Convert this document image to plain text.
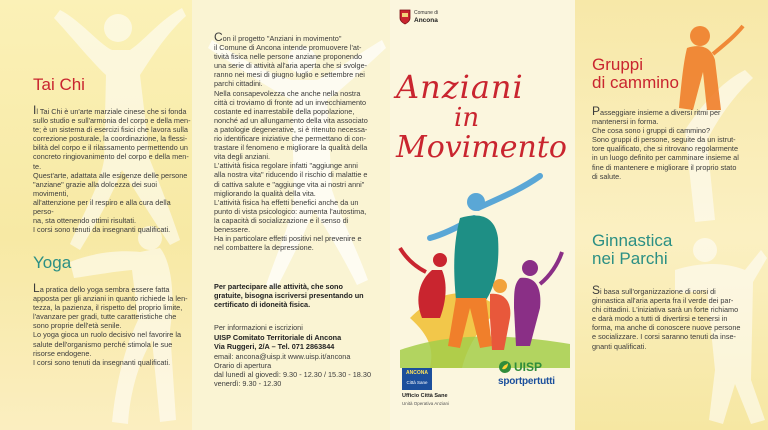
Tai Chi

Il Tai Chi è un'arte marziale cinese che si fonda
sullo studio e sull'armonia del corpo e della men-
te; è un sistema di esercizi fisici che lavora sulla
correzione posturale, la coordinazione, la flessi-
bilità del corpo e il rilassamento permettendo un
concreto ringiovanimento del corpo e della men-
te.
Quest'arte, adattata alle esigenze delle persone
"anziane" grazie alla dolcezza dei suoi movimenti,
all'attenzione per il respiro e alla cura della perso-
na, sta ottenendo ottimi risultati.
I corsi sono tenuti da insegnanti qualificati.

Yoga

La pratica dello yoga sembra essere fatta
apposta per gli anziani in quanto richiede la len-
tezza, la pazienza, il rispetto del proprio limite,
l'avanzare per gradi, tutte caratteristiche che
sono proprie dell'età senile.
Lo yoga gioca un ruolo decisivo nel favorire la
salute dell'organismo perché stimola le sue
risorse endogene.
I corsi sono tenuti da insegnanti qualificati.

Con il progetto "Anziani in movimento"
il Comune di Ancona intende promuovere l'at-
tività fisica nelle persone anziane proponendo
una serie di attività all'aria aperta che si svolge-
ranno nei mesi di giugno luglio e settembre nei
parchi cittadini.
Nella consapevolezza che anche nella nostra
città ci troviamo di fronte ad un invecchiamento
costante ed inarrestabile della popolazione,
nonché ad un allungamento della vita associato
a patologie degenerative, si è ritenuto necessa-
rio identificare iniziative che permettano di con-
trastare il fenomeno e migliorare la qualità della
vita degli anziani.
L'attività fisica regolare infatti "aggiunge anni
alla nostra vita" riducendo il rischio di malattie e
di cattiva salute e "aggiunge vita ai nostri anni"
migliorando la qualità della vita.
L'attività fisica ha effetti benefici anche da un
punto di vista psicologico: aumenta l'autostima,
la capacità di socializzazione e il senso di
benessere.
Ha in particolare effetti positivi nel prevenire e
nel combattere la depressione.

Per partecipare alle attività, che sono
gratuite, bisogna iscriversi presentando un
certificato di idoneità fisica.

Per informazioni e iscrizioni

UISP Comitato Territoriale di Ancona
Via Ruggeri, 2/A – Tel. 071 2863844

email: ancona@uisp.it www.uisp.it/ancona
Orario di apertura
dal lunedì al giovedì: 9.30 - 12.30 / 15.30 - 18.30
venerdì: 9.30 - 12.30

Comune di
Ancona
Anziani
in
Movimento
ANCONA
Città Sane
Ufficio Città Sane
Unità Operativa Anziani
UISP
sportpertutti
Gruppi
di cammino

Passeggiare insieme a diversi ritmi per
mantenersi in forma.
Che cosa sono i gruppi di cammino?
Sono gruppi di persone, seguite da un istrut-
tore qualificato, che si ritrovano regolarmente
in un luogo definito per camminare insieme al
fine di mantenere e migliorare il proprio stato
di salute.

Ginnastica
nei Parchi

Si basa sull'organizzazione di corsi di
ginnastica all'aria aperta fra il verde dei par-
chi cittadini. L'iniziativa sarà un forte richiamo
e darà modo a tutti di divertirsi e tenersi in
forma, ma anche di conoscere nuove persone
e socializzare. I corsi saranno tenuti da inse-
gnanti qualificati.
